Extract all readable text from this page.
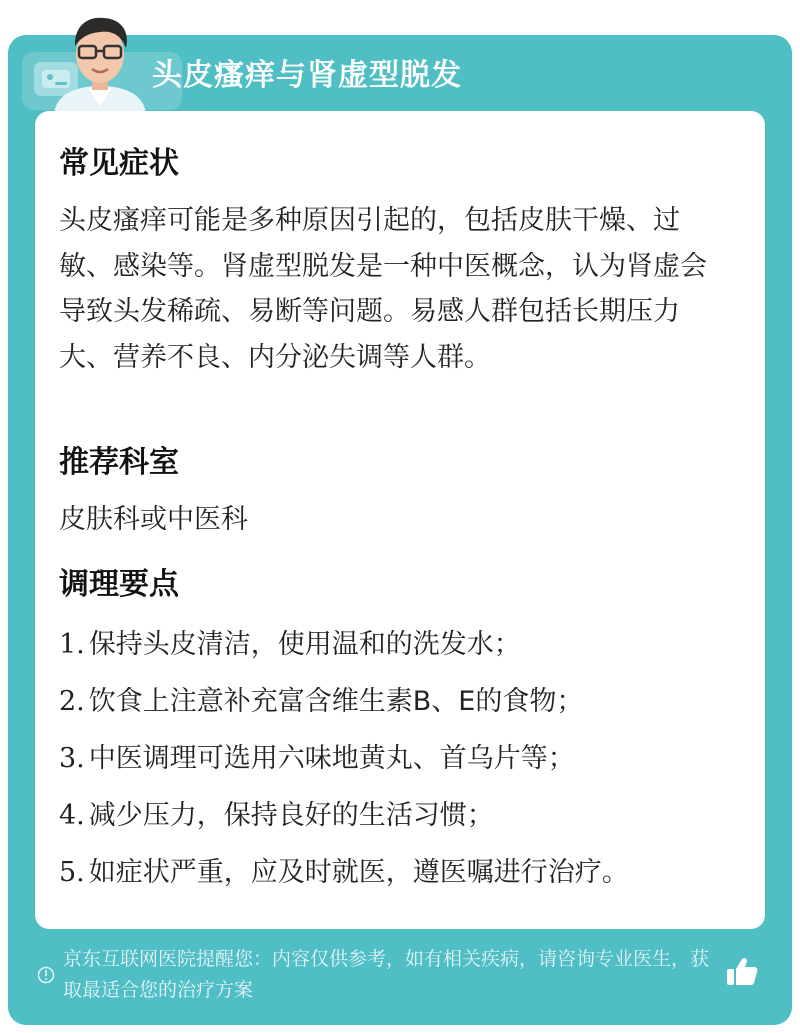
头皮瘙痒与肾虚型脱发
常见症状
头皮瘙痒可能是多种原因引起的，包括皮肤干燥、过敏、感染等。肾虚型脱发是一种中医概念，认为肾虚会导致头发稀疏、易断等问题。易感人群包括长期压力大、营养不良、内分泌失调等人群。
推荐科室
皮肤科或中医科
调理要点
1. 保持头皮清洁，使用温和的洗发水；
2. 饮食上注意补充富含维生素B、E的食物；
3. 中医调理可选用六味地黄丸、首乌片等；
4. 减少压力，保持良好的生活习惯；
5. 如症状严重，应及时就医，遵医嘱进行治疗。
京东互联网医院提醒您：内容仅供参考，如有相关疾病，请咨询专业医生，获取最适合您的治疗方案
